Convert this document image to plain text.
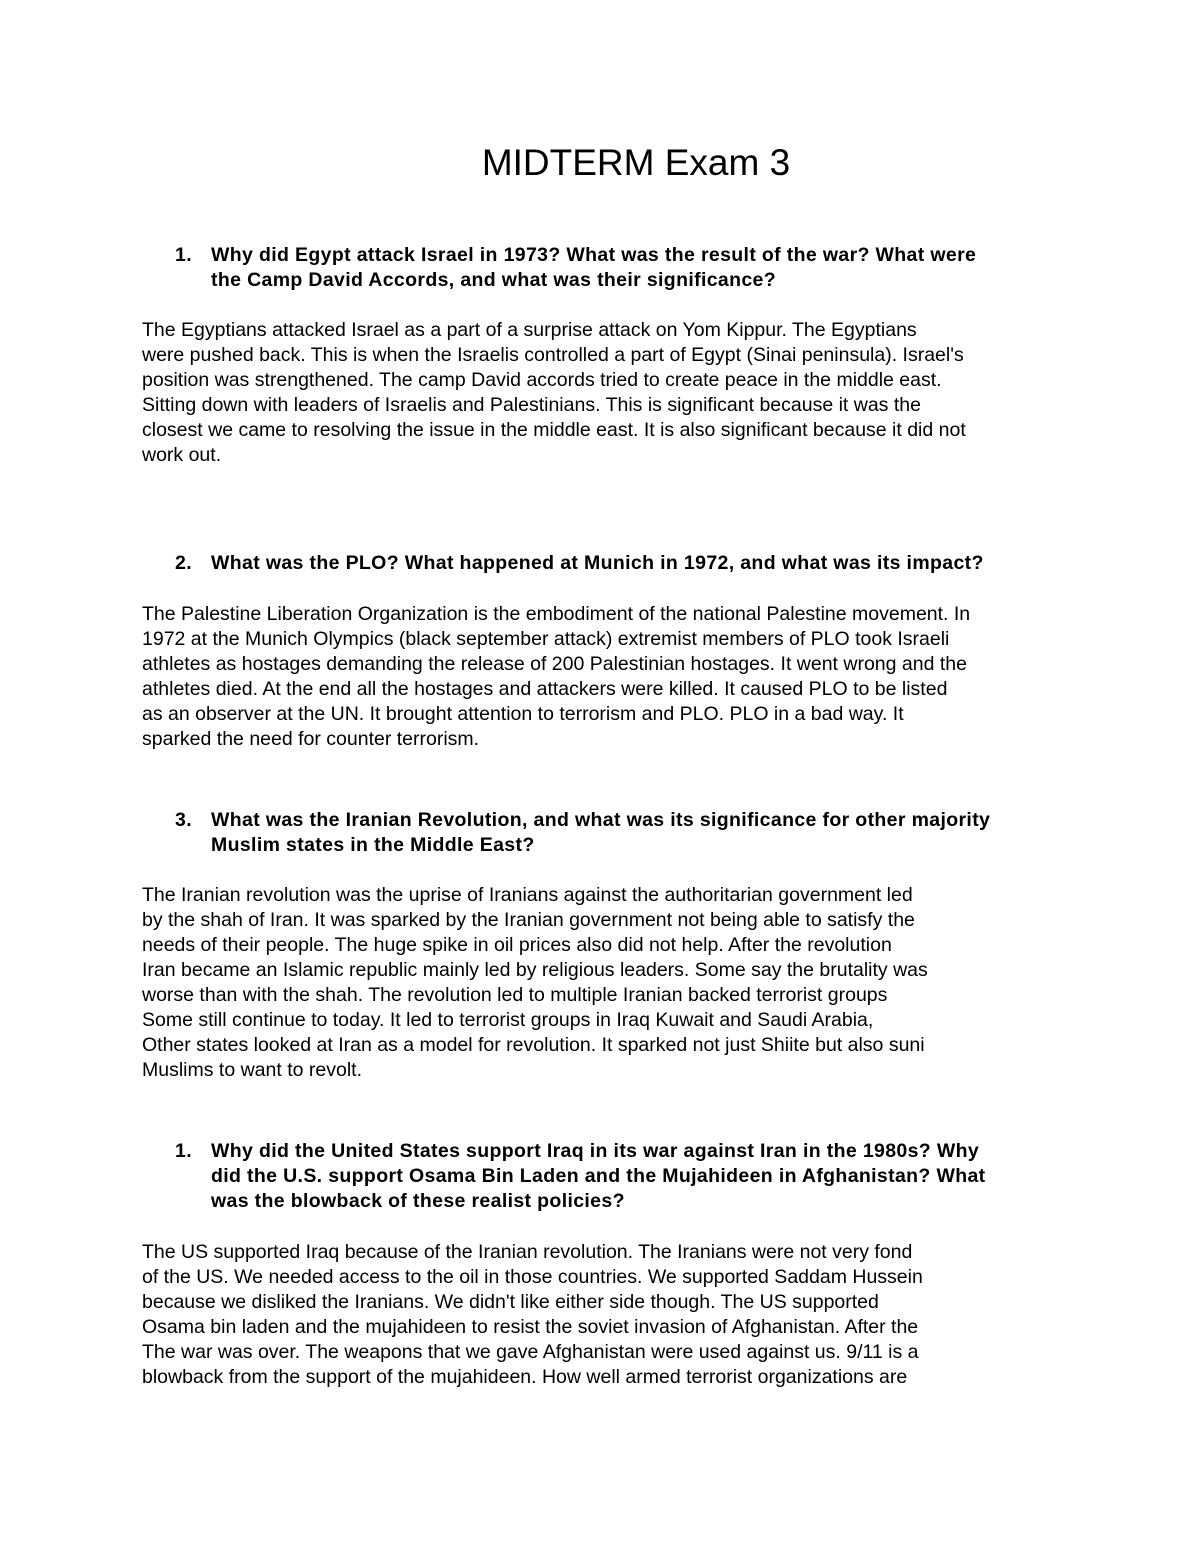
MIDTERM Exam 3
1. Why did Egypt attack Israel in 1973? What was the result of the war? What were
the Camp David Accords, and what was their significance?
The Egyptians attacked Israel as a part of a surprise attack on Yom Kippur. The Egyptians
were pushed back. This is when the Israelis controlled a part of Egypt (Sinai peninsula). Israel's
position was strengthened. The camp David accords tried to create peace in the middle east.
Sitting down with leaders of Israelis and Palestinians. This is significant because it was the
closest we came to resolving the issue in the middle east. It is also significant because it did not
work out.
2. What was the PLO? What happened at Munich in 1972, and what was its impact?
The Palestine Liberation Organization is the embodiment of the national Palestine movement. In
1972 at the Munich Olympics (black september attack) extremist members of PLO took Israeli
athletes as hostages demanding the release of 200 Palestinian hostages. It went wrong and the
athletes died. At the end all the hostages and attackers were killed. It caused PLO to be listed
as an observer at the UN. It brought attention to terrorism and PLO. PLO in a bad way. It
sparked the need for counter terrorism.
3. What was the Iranian Revolution, and what was its significance for other majority
Muslim states in the Middle East?
The Iranian revolution was the uprise of Iranians against the authoritarian government led
by the shah of Iran. It was sparked by the Iranian government not being able to satisfy the
needs of their people. The huge spike in oil prices also did not help. After the revolution
Iran became an Islamic republic mainly led by religious leaders. Some say the brutality was
worse than with the shah. The revolution led to multiple Iranian backed terrorist groups
Some still continue to today. It led to terrorist groups in Iraq Kuwait and Saudi Arabia,
Other states looked at Iran as a model for revolution. It sparked not just Shiite but also suni
Muslims to want to revolt.
1. Why did the United States support Iraq in its war against Iran in the 1980s? Why
did the U.S. support Osama Bin Laden and the Mujahideen in Afghanistan? What
was the blowback of these realist policies?
The US supported Iraq because of the Iranian revolution. The Iranians were not very fond
of the US. We needed access to the oil in those countries. We supported Saddam Hussein
because we disliked the Iranians. We didn't like either side though. The US supported
Osama bin laden and the mujahideen to resist the soviet invasion of Afghanistan. After the
The war was over. The weapons that we gave Afghanistan were used against us. 9/11 is a
blowback from the support of the mujahideen. How well armed terrorist organizations are
